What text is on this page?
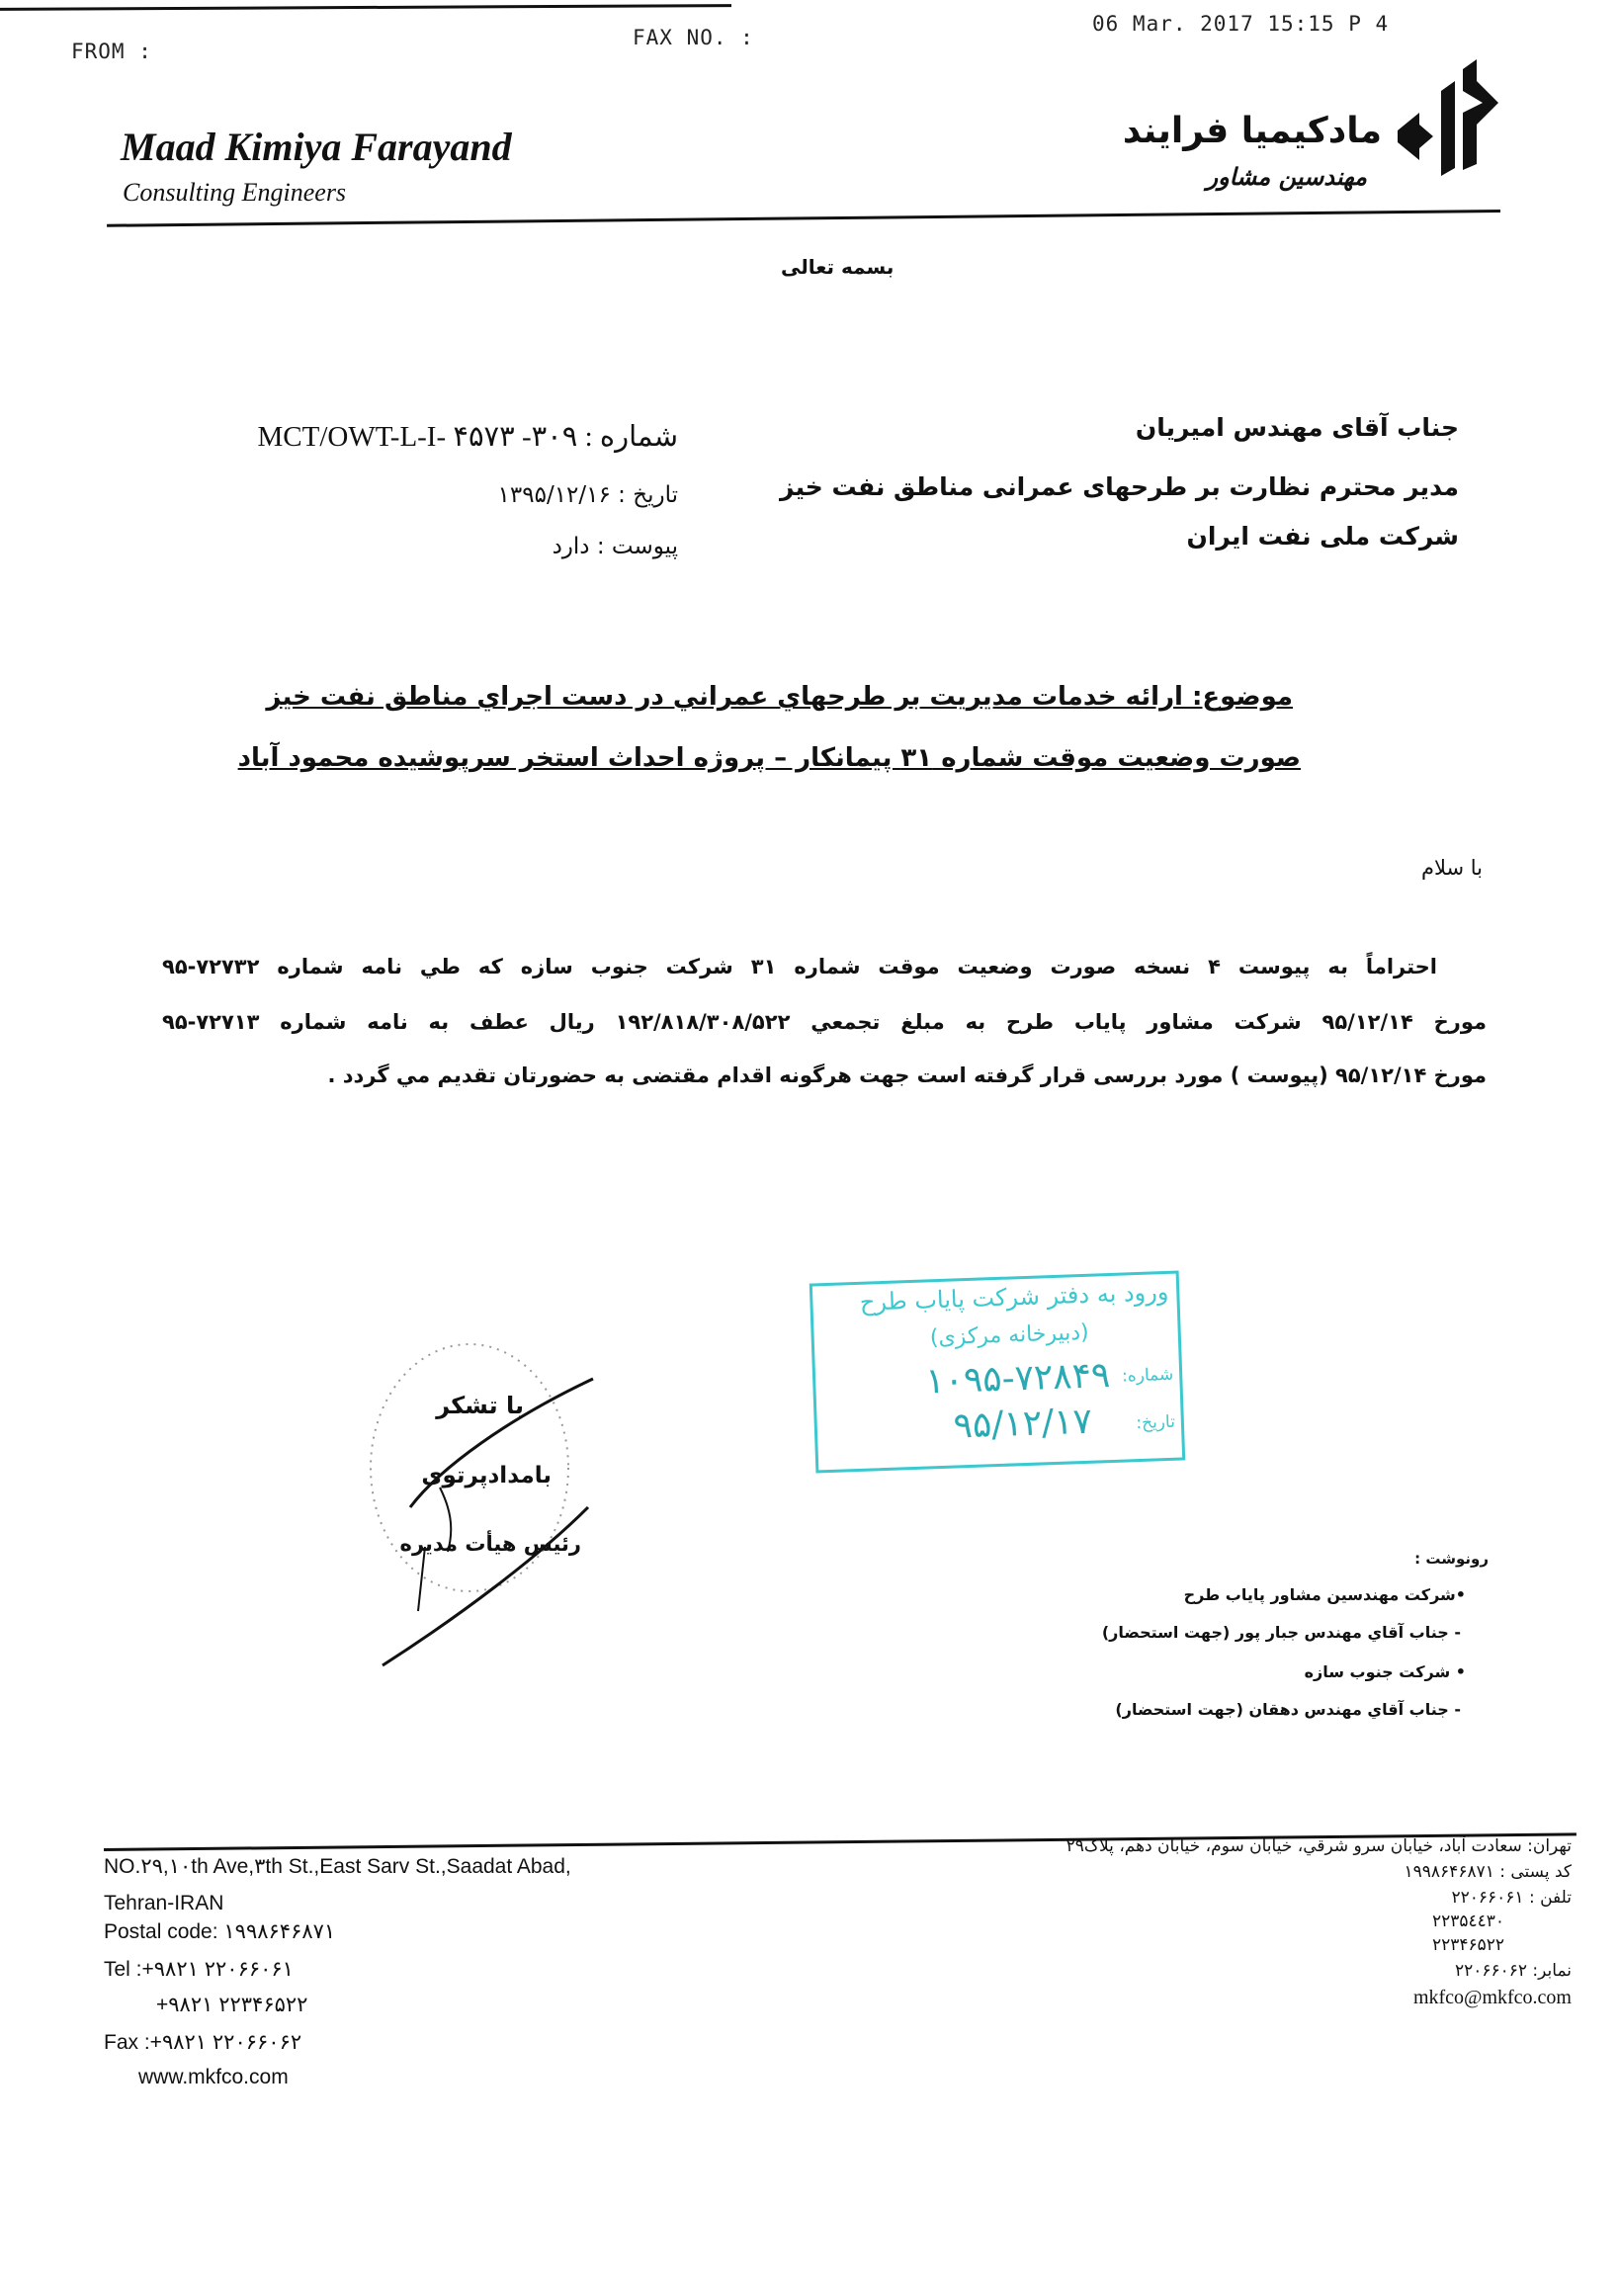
FROM :
FAX NO. :
06 Mar. 2017 15:15 P 4
Maad Kimiya Farayand
Consulting Engineers
مادکیمیا فرایند
مهندسین مشاور
بسمه تعالی
شماره : ۳۰۹- MCT/OWT-L-I- ۴۵۷۳
تاریخ : ۱۳۹۵/۱۲/۱۶
پیوست : دارد
جناب آقای مهندس امیریان
مدیر محترم نظارت بر طرحهای عمرانی مناطق نفت خیز
شرکت ملی نفت ایران
موضوع: ارائه خدمات مدیریت بر طرحهاي عمراني در دست اجراي مناطق نفت خيز
صورت وضعیت موقت شماره ۳۱ پیمانکار – پروژه احداث استخر سرپوشیده محمود آباد
با سلام
احتراماً به پیوست ۴ نسخه صورت وضعیت موقت شماره ۳۱ شرکت جنوب سازه که طي نامه شماره ۷۲۷۳۲-۹۵
مورخ ۹۵/۱۲/۱۴ شرکت مشاور پایاب طرح به مبلغ تجمعي ۱۹۲/۸۱۸/۳۰۸/۵۲۲ ریال عطف به نامه شماره ۷۲۷۱۳-۹۵
مورخ ۹۵/۱۲/۱۴ (پیوست ) مورد بررسی قرار گرفته است جهت هرگونه اقدام مقتضی به حضورتان تقدیم مي گردد .
ورود به دفتر شرکت پایاب طرح
(دبیرخانه مرکزی)
شماره:
۱۰۹۵-۷۲۸۴۹
تاریخ:
۹۵/۱۲/۱۷
با تشکر
بامدادپرتوی
رئیس هیأت مدیره
رونوشت :
•شرکت مهندسین مشاور پایاب طرح
- جناب آقاي مهندس جبار پور (جهت استحضار)
• شرکت جنوب سازه
- جناب آقاي مهندس دهقان (جهت استحضار)
NO.۲۹,۱۰th Ave,۳th St.,East Sarv St.,Saadat Abad,
Tehran-IRAN
Postal code: ۱۹۹۸۶۴۶۸۷۱
Tel :+۹۸۲۱ ۲۲۰۶۶۰۶۱
+۹۸۲۱ ۲۲۳۴۶۵۲۲
Fax :+۹۸۲۱ ۲۲۰۶۶۰۶۲
www.mkfco.com
تهران: سعادت آباد، خیابان سرو شرقي، خیابان سوم، خیابان دهم، پلاک۲۹
کد پستی : ۱۹۹۸۶۴۶۸۷۱
تلفن : ۲۲۰۶۶۰۶۱
۲۲۳۵٤٤۳۰
۲۲۳۴۶۵۲۲
نمابر: ۲۲۰۶۶۰۶۲
mkfco@mkfco.com
